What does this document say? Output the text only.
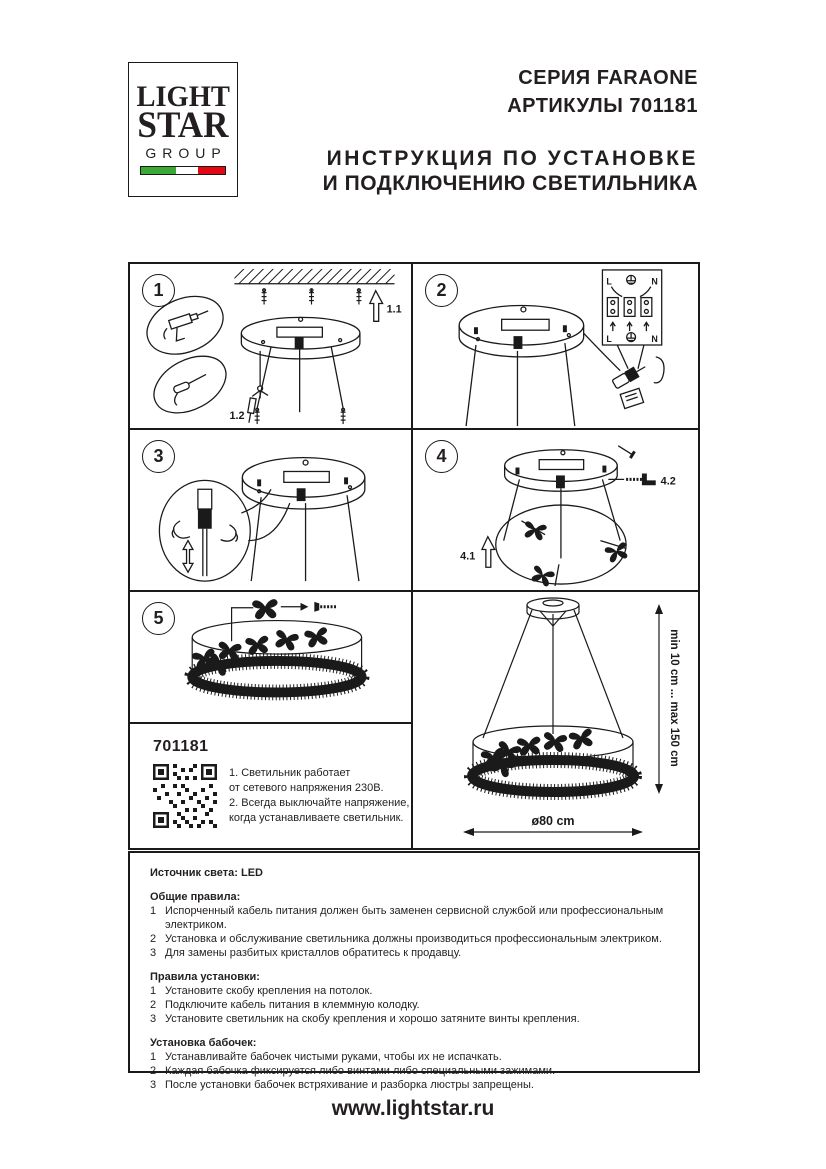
LIGHT
STAR
GROUP
СЕРИЯ FARAONE
АРТИКУЛЫ 701181
ИНСТРУКЦИЯ ПО УСТАНОВКЕ
И ПОДКЛЮЧЕНИЮ СВЕТИЛЬНИКА
1
1.1
1.2
2	L	N
L	N
3	4
4.1
4.2
5
701181
1. Светильник работает
от сетевого напряжения 230В.
2. Всегда выключайте напряжение,
когда устанавливаете светильник.
min 10 cm ... max 150 cm
ø80 cm
Источник света: LED
Общие правила:
1 Испорченный кабель питания должен быть заменен сервисной службой или профессиональным электриком.
2 Установка и обслуживание светильника должны производиться профессиональным электриком.
3 Для замены разбитых кристаллов обратитесь к продавцу.
Правила установки:
1 Установите скобу крепления на потолок.
2 Подключите кабель питания в клеммную колодку.
3 Установите светильник на скобу крепления и хорошо затяните винты крепления.
Установка бабочек:
1 Устанавливайте бабочек чистыми руками, чтобы их не испачкать.
2 Каждая бабочка фиксируется либо винтами либо специальными зажимами.
3 После установки бабочек встряхивание и разборка люстры запрещены.
www.lightstar.ru
